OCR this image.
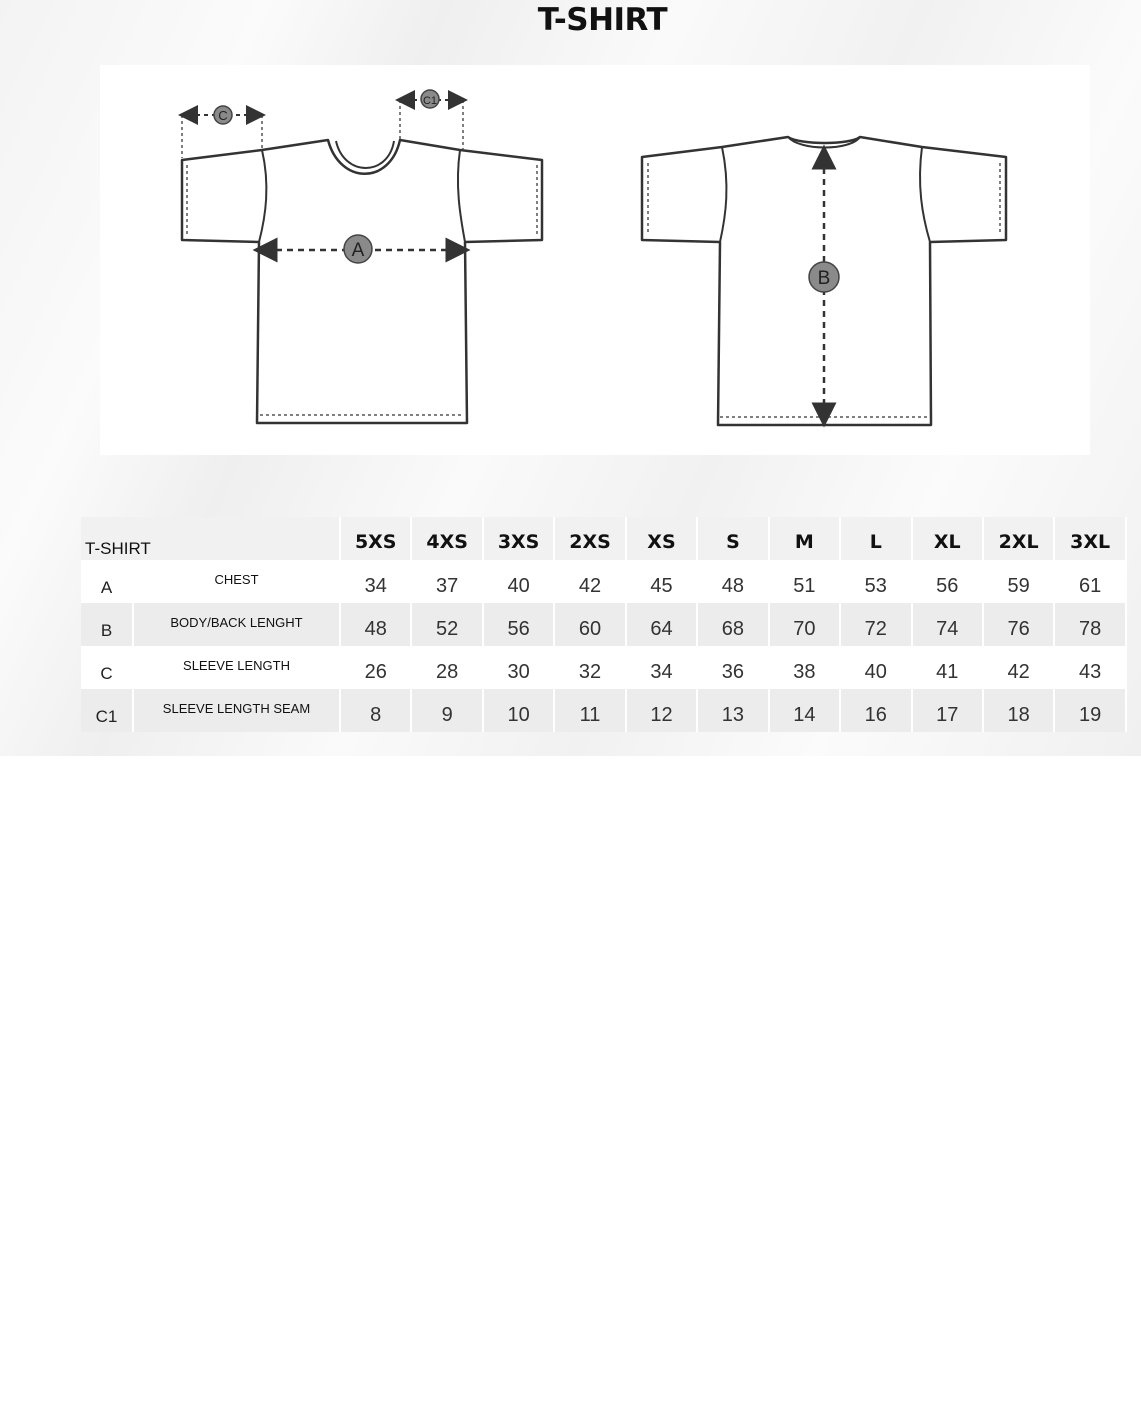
T-SHIRT
C
C1
A
B
T-SHIRT		5XS	4XS	3XS	2XS	XS	S	M	L	XL	2XL	3XL
A	CHEST	34	37	40	42	45	48	51	53	56	59	61
B	BODY/BACK LENGHT	48	52	56	60	64	68	70	72	74	76	78
C	SLEEVE LENGTH	26	28	30	32	34	36	38	40	41	42	43
C1	SLEEVE LENGTH SEAM	8	9	10	11	12	13	14	16	17	18	19
